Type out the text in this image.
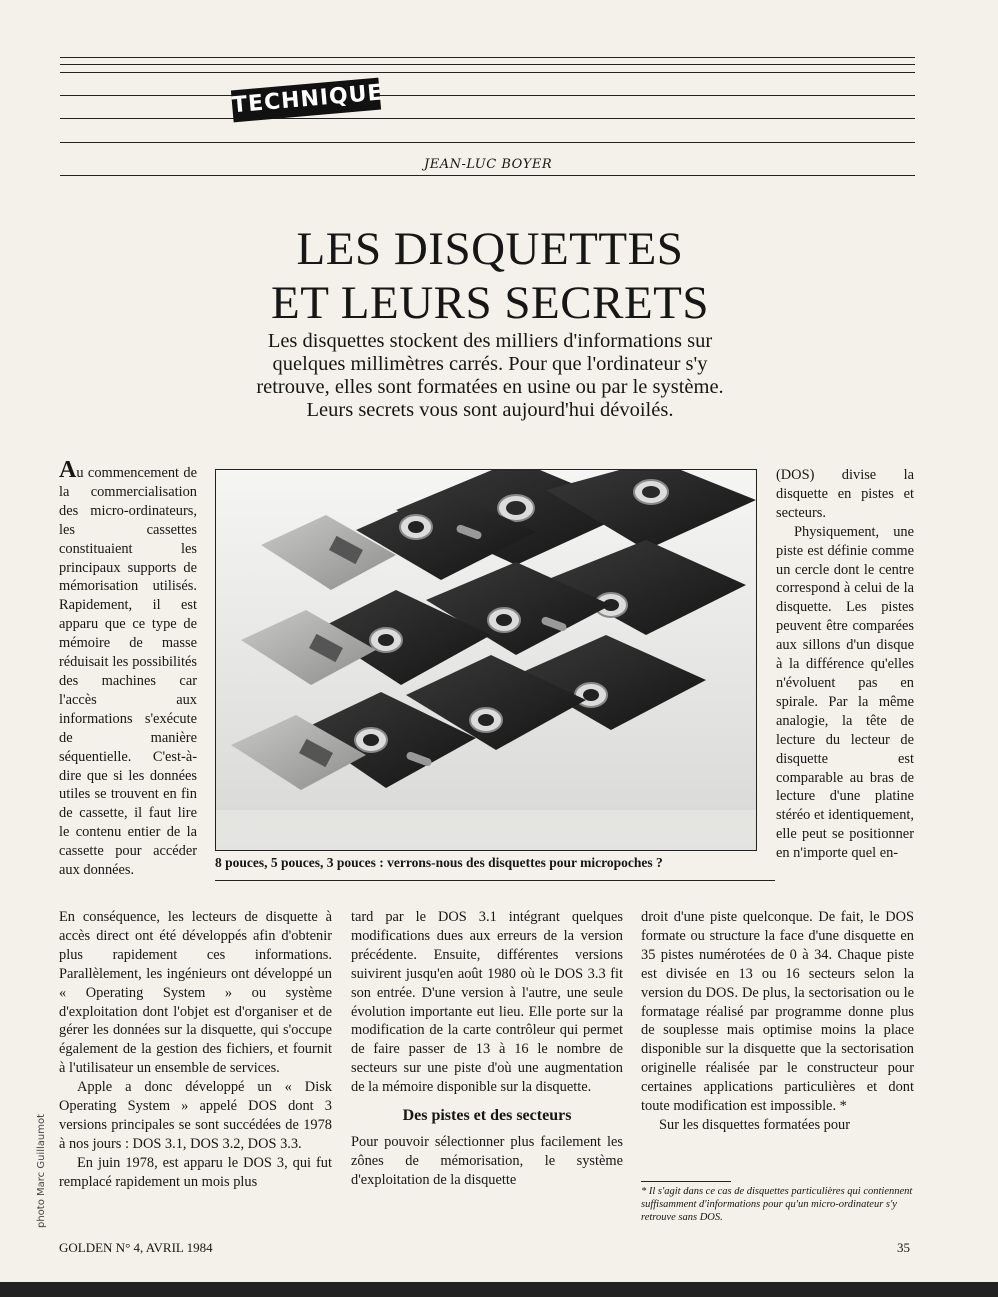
TECHNIQUE
JEAN-LUC BOYER
LES DISQUETTES
ET LEURS SECRETS
Les disquettes stockent des milliers d'informations sur
quelques millimètres carrés. Pour que l'ordinateur s'y
retrouve, elles sont formatées en usine ou par le système.
Leurs secrets vous sont aujourd'hui dévoilés.

Au commencement de la commercialisation des micro-ordinateurs, les cassettes constituaient les principaux supports de mémorisation utilisés. Rapidement, il est apparu que ce type de mémoire de masse réduisait les possibilités des machines car l'accès aux informations s'exécute de manière séquentielle. C'est-à-dire que si les données utiles se trouvent en fin de cassette, il faut lire le contenu entier de la cassette pour accéder aux données.	8 pouces, 5 pouces, 3 pouces : verrons-nous des disquettes pour micropoches ?

(DOS) divise la disquette en pistes et secteurs.

Physiquement, une piste est définie comme un cercle dont le centre correspond à celui de la disquette. Les pistes peuvent être comparées aux sillons d'un disque à la différence qu'elles n'évoluent pas en spirale. Par la même analogie, la tête de lecture du lecteur de disquette est comparable au bras de lecture d'une platine stéréo et identiquement, elle peut se positionner en n'importe quel en-

En conséquence, les lecteurs de disquette à accès direct ont été développés afin d'obtenir plus rapidement ces informations. Parallèlement, les ingénieurs ont développé un « Operating System » ou système d'exploitation dont l'objet est d'organiser et de gérer les données sur la disquette, qui s'occupe également de la gestion des fichiers, et fournit à l'utilisateur un ensemble de services.

Apple a donc développé un « Disk Operating System » appelé DOS dont 3 versions principales se sont succédées de 1978 à nos jours : DOS 3.1, DOS 3.2, DOS 3.3.

En juin 1978, est apparu le DOS 3, qui fut remplacé rapidement un mois plus

tard par le DOS 3.1 intégrant quelques modifications dues aux erreurs de la version précédente. Ensuite, différentes versions suivirent jusqu'en août 1980 où le DOS 3.3 fit son entrée. D'une version à l'autre, une seule évolution importante eut lieu. Elle porte sur la modification de la carte contrôleur qui permet de faire passer de 13 à 16 le nombre de secteurs sur une piste d'où une augmentation de la mémoire disponible sur la disquette.

Des pistes et des secteurs

Pour pouvoir sélectionner plus facilement les zônes de mémorisation, le système d'exploitation de la disquette

droit d'une piste quelconque. De fait, le DOS formate ou structure la face d'une disquette en 35 pistes numérotées de 0 à 34. Chaque piste est divisée en 13 ou 16 secteurs selon la version du DOS. De plus, la sectorisation ou le formatage réalisé par programme donne plus de souplesse mais optimise moins la place disponible sur la disquette que la sectorisation originelle réalisée par le constructeur pour certaines applications particulières et dont toute modification est impossible. *

Sur les disquettes formatées pour

* Il s'agit dans ce cas de disquettes particulières qui contiennent suffisamment d'informations pour qu'un micro-ordinateur s'y retrouve sans DOS.
photo Marc Guillaumot
GOLDEN N° 4, AVRIL 1984	35
